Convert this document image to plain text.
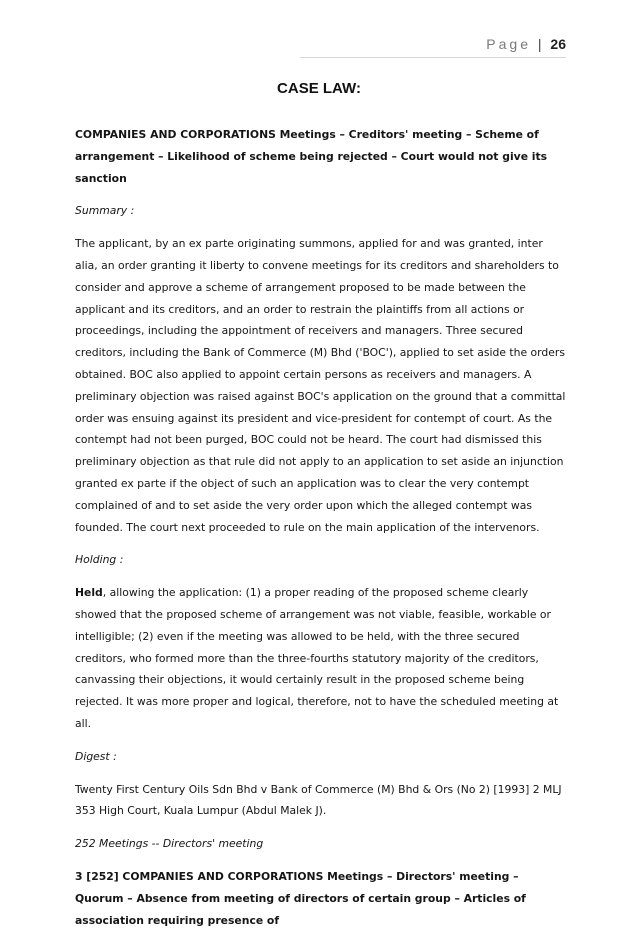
Page | 26
CASE LAW:

COMPANIES AND CORPORATIONS Meetings – Creditors' meeting – Scheme of arrangement – Likelihood of scheme being rejected – Court would not give its sanction

Summary :

The applicant, by an ex parte originating summons, applied for and was granted, inter alia, an order granting it liberty to convene meetings for its creditors and shareholders to consider and approve a scheme of arrangement proposed to be made between the applicant and its creditors, and an order to restrain the plaintiffs from all actions or proceedings, including the appointment of receivers and managers. Three secured creditors, including the Bank of Commerce (M) Bhd ('BOC'), applied to set aside the orders obtained. BOC also applied to appoint certain persons as receivers and managers. A preliminary objection was raised against BOC's application on the ground that a committal order was ensuing against its president and vice-president for contempt of court. As the contempt had not been purged, BOC could not be heard. The court had dismissed this preliminary objection as that rule did not apply to an application to set aside an injunction granted ex parte if the object of such an application was to clear the very contempt complained of and to set aside the very order upon which the alleged contempt was founded. The court next proceeded to rule on the main application of the intervenors.

Holding :

Held, allowing the application: (1) a proper reading of the proposed scheme clearly showed that the proposed scheme of arrangement was not viable, feasible, workable or intelligible; (2) even if the meeting was allowed to be held, with the three secured creditors, who formed more than the three-fourths statutory majority of the creditors, canvassing their objections, it would certainly result in the proposed scheme being rejected. It was more proper and logical, therefore, not to have the scheduled meeting at all.

Digest :

Twenty First Century Oils Sdn Bhd v Bank of Commerce (M) Bhd & Ors (No 2) [1993] 2 MLJ 353 High Court, Kuala Lumpur (Abdul Malek J).

252 Meetings -- Directors' meeting

3 [252] COMPANIES AND CORPORATIONS Meetings – Directors' meeting – Quorum – Absence from meeting of directors of certain group – Articles of association requiring presence of
